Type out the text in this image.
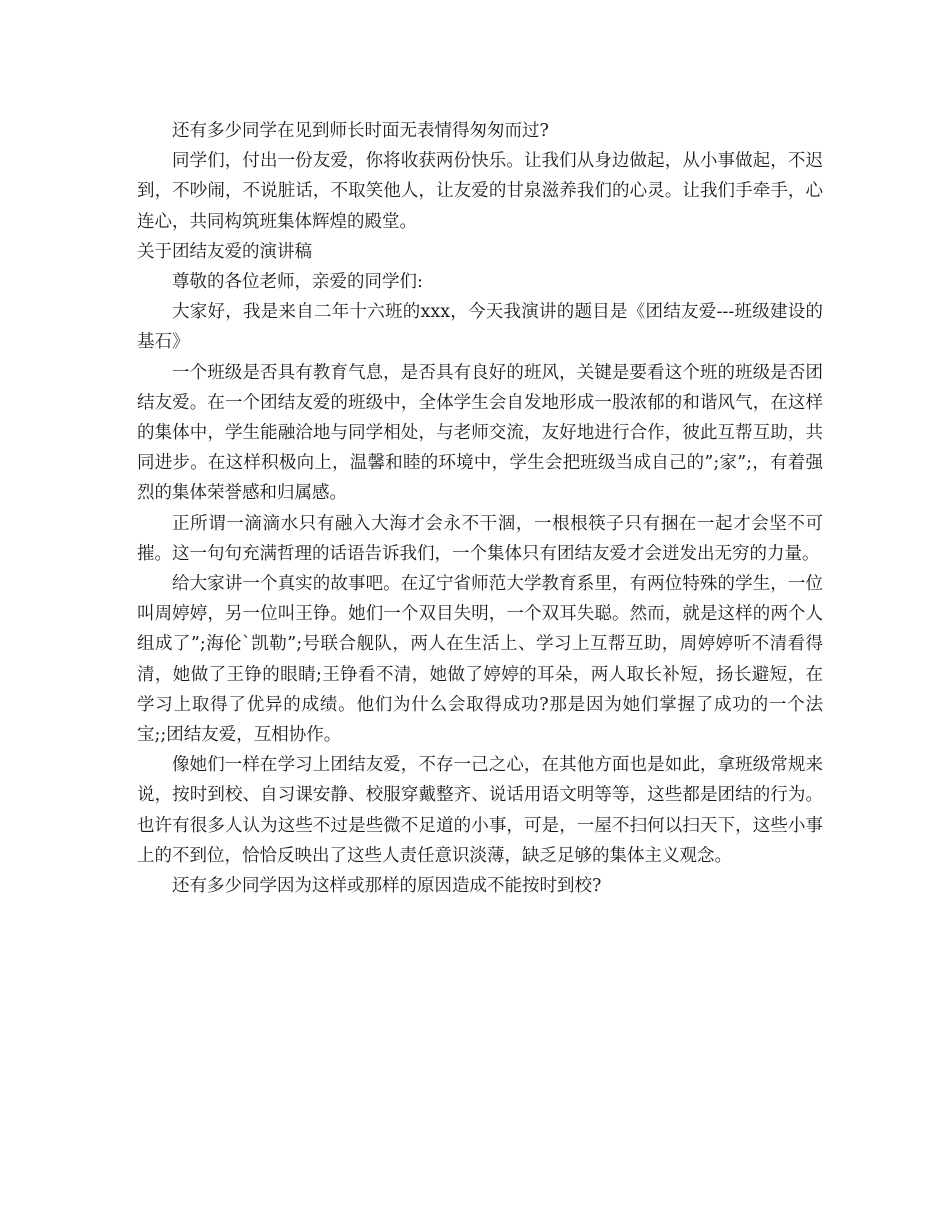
还有多少同学在见到师长时面无表情得匆匆而过?

同学们，付出一份友爱，你将收获两份快乐。让我们从身边做起，从小事做起，不迟到，不吵闹，不说脏话，不取笑他人，让友爱的甘泉滋养我们的心灵。让我们手牵手，心连心，共同构筑班集体辉煌的殿堂。

关于团结友爱的演讲稿

尊敬的各位老师，亲爱的同学们:

大家好，我是来自二年十六班的xxx，今天我演讲的题目是《团结友爱---班级建设的基石》

一个班级是否具有教育气息，是否具有良好的班风，关键是要看这个班的班级是否团结友爱。在一个团结友爱的班级中，全体学生会自发地形成一股浓郁的和谐风气，在这样的集体中，学生能融洽地与同学相处，与老师交流，友好地进行合作，彼此互帮互助，共同进步。在这样积极向上，温馨和睦的环境中，学生会把班级当成自己的”;家”;，有着强烈的集体荣誉感和归属感。

正所谓一滴滴水只有融入大海才会永不干涸，一根根筷子只有捆在一起才会坚不可摧。这一句句充满哲理的话语告诉我们，一个集体只有团结友爱才会迸发出无穷的力量。

给大家讲一个真实的故事吧。在辽宁省师范大学教育系里，有两位特殊的学生，一位叫周婷婷，另一位叫王铮。她们一个双目失明，一个双耳失聪。然而，就是这样的两个人组成了”;海伦`凯勒”;号联合舰队，两人在生活上、学习上互帮互助，周婷婷听不清看得清，她做了王铮的眼睛;王铮看不清，她做了婷婷的耳朵，两人取长补短，扬长避短，在学习上取得了优异的成绩。他们为什么会取得成功?那是因为她们掌握了成功的一个法宝;;团结友爱，互相协作。

像她们一样在学习上团结友爱，不存一己之心，在其他方面也是如此，拿班级常规来说，按时到校、自习课安静、校服穿戴整齐、说话用语文明等等，这些都是团结的行为。也许有很多人认为这些不过是些微不足道的小事，可是，一屋不扫何以扫天下，这些小事上的不到位，恰恰反映出了这些人责任意识淡薄，缺乏足够的集体主义观念。

还有多少同学因为这样或那样的原因造成不能按时到校?
